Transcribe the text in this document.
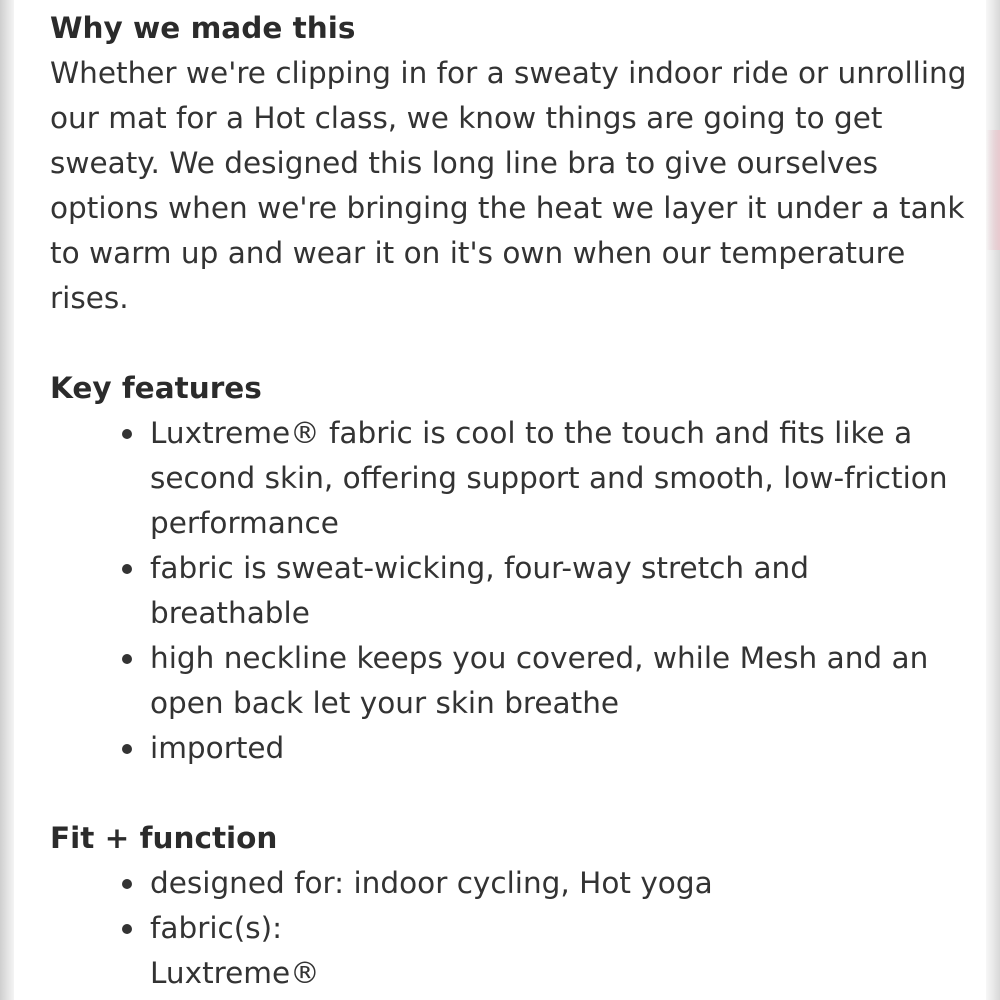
Why we made this

Whether we're clipping in for a sweaty indoor ride or unrolling our mat for a Hot class, we know things are going to get sweaty. We designed this long line bra to give ourselves options when we're bringing the heat we layer it under a tank to warm up and wear it on it's own when our temperature rises.

Key features
Luxtreme® fabric is cool to the touch and fits like a second skin, offering support and smooth, low-friction performance
fabric is sweat-wicking, four-way stretch and breathable
high neckline keeps you covered, while Mesh and an open back let your skin breathe
imported
Fit + function
designed for: indoor cycling, Hot yoga
fabric(s):
Luxtreme®
